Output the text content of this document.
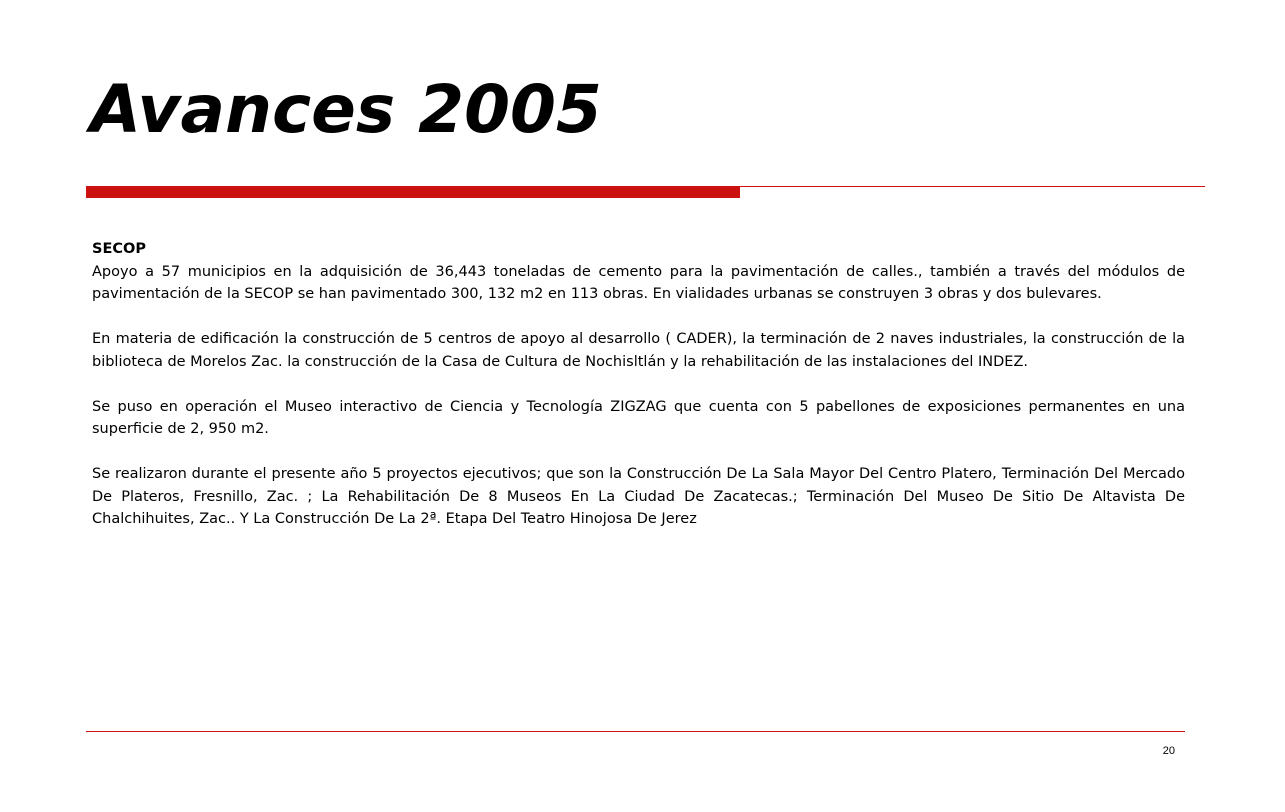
Avances 2005

SECOP
Apoyo a 57 municipios en la adquisición de 36,443 toneladas de cemento para la pavimentación de calles., también a través del módulos de pavimentación de la SECOP se han pavimentado 300, 132 m2 en 113 obras. En vialidades urbanas se construyen 3 obras y dos bulevares.

En materia de edificación la construcción de 5 centros de apoyo al desarrollo ( CADER), la terminación de 2 naves industriales, la construcción de la biblioteca de Morelos Zac. la construcción de la Casa de Cultura de Nochisltlán y la rehabilitación de las instalaciones del INDEZ.

Se puso en operación el Museo interactivo de Ciencia y Tecnología ZIGZAG que cuenta con 5 pabellones de exposiciones permanentes en una superficie de 2, 950 m2.

Se realizaron durante el presente año 5 proyectos ejecutivos; que son la Construcción De La Sala Mayor Del Centro Platero, Terminación Del Mercado De Plateros, Fresnillo, Zac. ; La Rehabilitación De 8 Museos En La Ciudad De Zacatecas.; Terminación Del Museo De Sitio De Altavista De Chalchihuites, Zac.. Y La Construcción De La 2ª. Etapa Del Teatro Hinojosa De Jerez

20
